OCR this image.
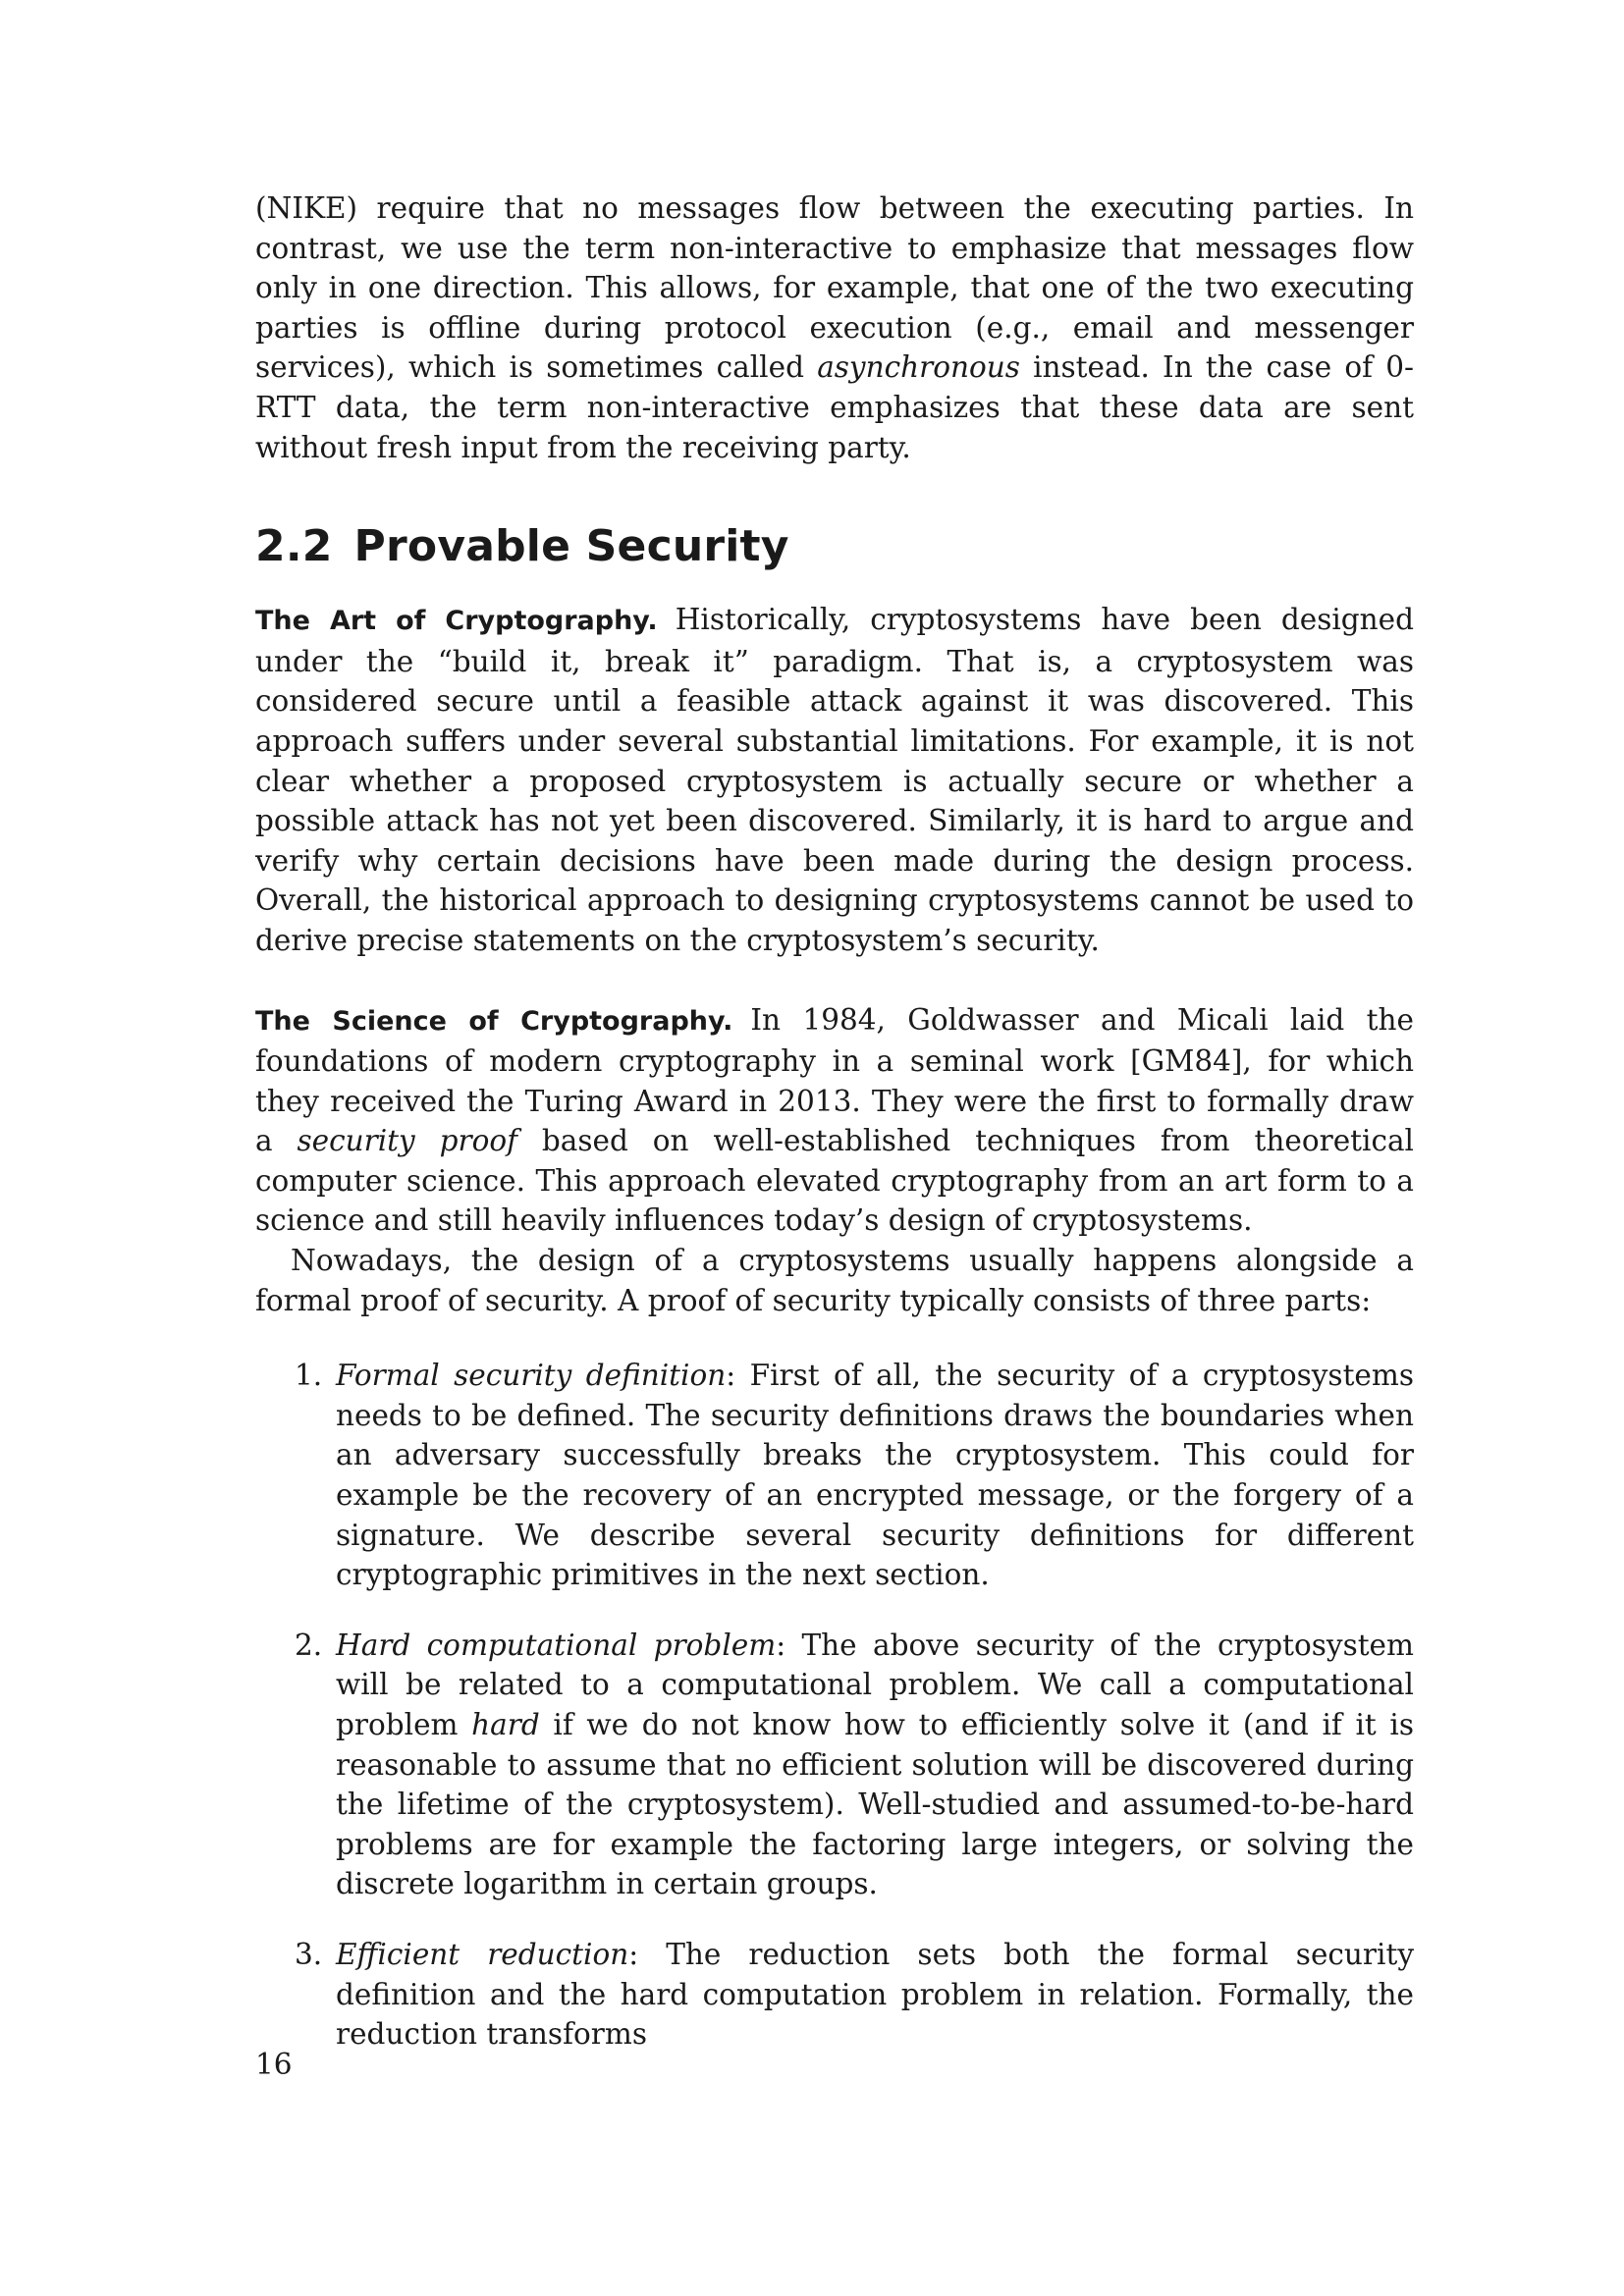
(NIKE) require that no messages flow between the executing parties. In contrast, we use the term non-interactive to emphasize that messages flow only in one direction. This allows, for example, that one of the two executing parties is offline during protocol execution (e.g., email and messenger services), which is sometimes called asynchronous instead. In the case of 0-RTT data, the term non-interactive emphasizes that these data are sent without fresh input from the receiving party.

2.2 Provable Security

The Art of Cryptography. Historically, cryptosystems have been designed under the “build it, break it” paradigm. That is, a cryptosystem was considered secure until a feasible attack against it was discovered. This approach suffers under several substantial limitations. For example, it is not clear whether a proposed cryptosystem is actually secure or whether a possible attack has not yet been discovered. Similarly, it is hard to argue and verify why certain decisions have been made during the design process. Overall, the historical approach to designing cryptosystems cannot be used to derive precise statements on the cryptosystem’s security.

The Science of Cryptography. In 1984, Goldwasser and Micali laid the foundations of modern cryptography in a seminal work [GM84], for which they received the Turing Award in 2013. They were the first to formally draw a security proof based on well-established techniques from theoretical computer science. This approach elevated cryptography from an art form to a science and still heavily influences today’s design of cryptosystems.

Nowadays, the design of a cryptosystems usually happens alongside a formal proof of security. A proof of security typically consists of three parts:

1. Formal security definition: First of all, the security of a cryptosystems needs to be defined. The security definitions draws the boundaries when an adversary successfully breaks the cryptosystem. This could for example be the recovery of an encrypted message, or the forgery of a signature. We describe several security definitions for different cryptographic primitives in the next section.

2. Hard computational problem: The above security of the cryptosystem will be related to a computational problem. We call a computational problem hard if we do not know how to efficiently solve it (and if it is reasonable to assume that no efficient solution will be discovered during the lifetime of the cryptosystem). Well-studied and assumed-to-be-hard problems are for example the factoring large integers, or solving the discrete logarithm in certain groups.

3. Efficient reduction: The reduction sets both the formal security definition and the hard computation problem in relation. Formally, the reduction transforms

16
